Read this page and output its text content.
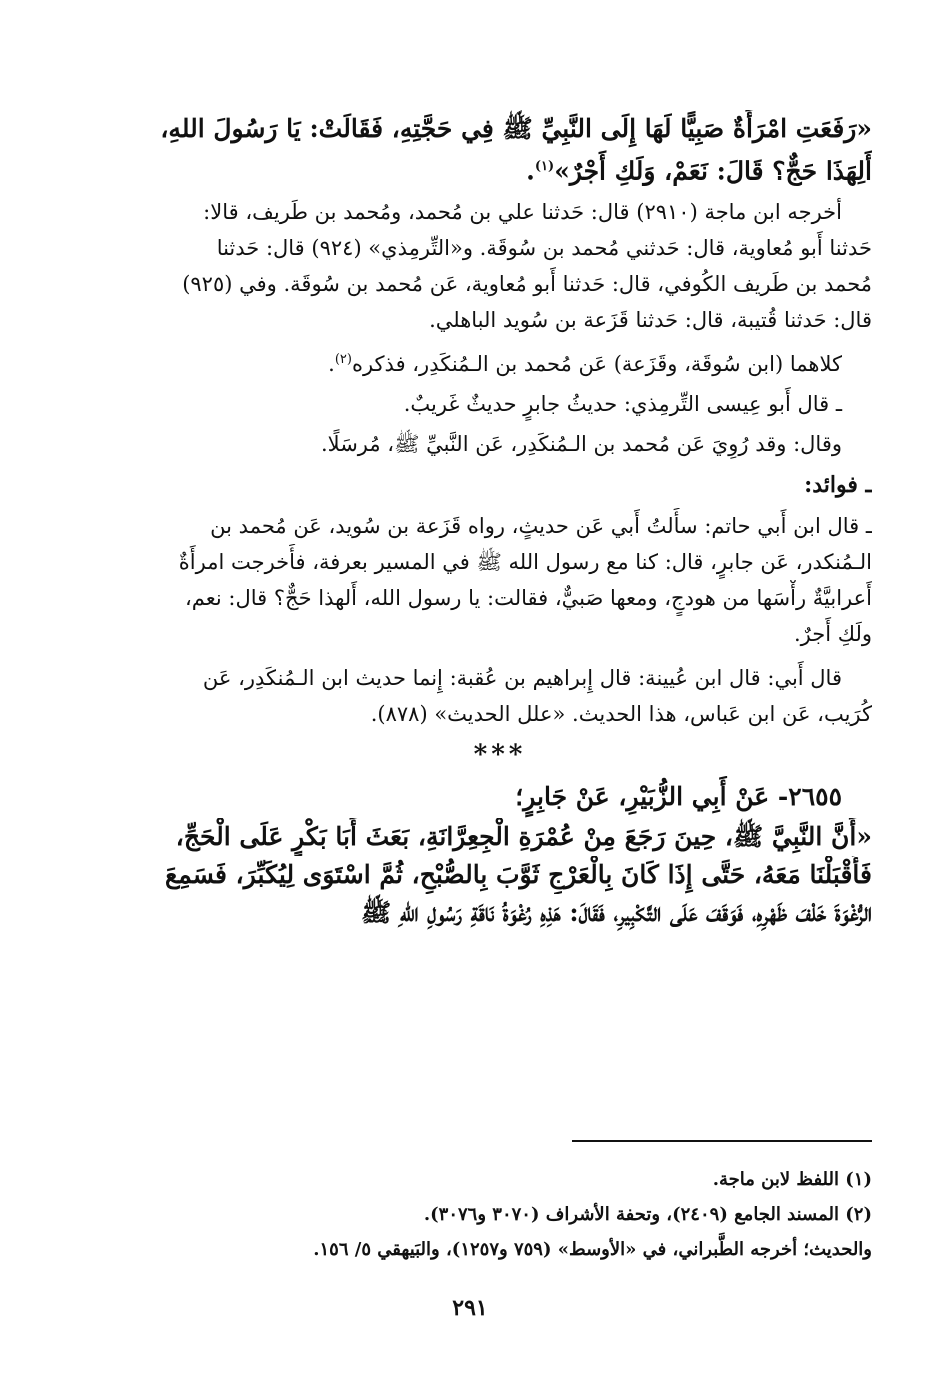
«رَفَعَتِ امْرَأَةٌ صَبِيًّا لَهَا إِلَى النَّبِيِّ ﷺ فِي حَجَّتِهِ، فَقَالَتْ: يَا رَسُولَ اللهِ،
أَلِهَذَا حَجٌّ؟ قَالَ: نَعَمْ، وَلَكِ أَجْرٌ»$^{(١)}$.
أخرجه ابن ماجة (٢٩١٠) قال: حَدثنا علي بن مُحمد، ومُحمد بن طَريف، قالا:
حَدثنا أَبو مُعاوية، قال: حَدثني مُحمد بن سُوقَة. و«التِّرمِذي» (٩٢٤) قال: حَدثنا
مُحمد بن طَريف الكُوفي، قال: حَدثنا أَبو مُعاوية، عَن مُحمد بن سُوقَة. وفي (٩٢٥)
قال: حَدثنا قُتيبة، قال: حَدثنا قَزَعة بن سُويد الباهلي.
كلاهما (ابن سُوقَة، وقَزَعة) عَن مُحمد بن الـمُنكَدِر، فذكره$^{(٢)}$.
ـ قال أَبو عِيسى التِّرمِذي: حديثُ جابرٍ حديثٌ غَريبٌ.
وقال: وقد رُوِيَ عَن مُحمد بن الـمُنكَدِر، عَن النَّبيِّ ﷺ، مُرسَلًا.
ـ فوائد:
ـ قال ابن أَبي حاتم: سأَلتُ أَبي عَن حديثٍ، رواه قَزَعة بن سُويد، عَن مُحمد بن
الـمُنكدر، عَن جابرٍ، قال: كنا مع رسول الله ﷺ في المسير بعرفة، فأَخرجت امرأَةٌ
أَعرابيَّةٌ رأْسَها من هودجٍ، ومعها صَبيٌّ، فقالت: يا رسول الله، أَلهذا حَجٌّ؟ قال: نعم،
ولَكِ أَجرٌ.
قال أَبي: قال ابن عُيينة: قال إِبراهيم بن عُقبة: إِنما حديث ابن الـمُنكَدِر، عَن
كُرَيب، عَن ابن عَباس، هذا الحديث. «علل الحديث» (٨٧٨).
***
٢٦٥٥- عَنْ أَبِي الزُّبَيْرِ، عَنْ جَابِرٍ؛
«أَنَّ النَّبِيَّ ﷺ، حِينَ رَجَعَ مِنْ عُمْرَةِ الْجِعِرَّانَةِ، بَعَثَ أَبَا بَكْرٍ عَلَى الْحَجِّ،
فَأَقْبَلْنَا مَعَهُ، حَتَّى إِذَا كَانَ بِالْعَرْجِ ثَوَّبَ بِالصُّبْحِ، ثُمَّ اسْتَوَى لِيُكَبِّرَ، فَسَمِعَ
الرُّغْوَةَ خَلْفَ ظَهْرِهِ، فَوَقَفَ عَلَى التَّكْبِيرِ، فَقَالَ: هَذِهِ رُغْوَةُ نَاقَةِ رَسُولِ اللهِ ﷺ
(١) اللفظ لابن ماجة.
(٢) المسند الجامع (٢٤٠٩)، وتحفة الأشراف (٣٠٧٠ و٣٠٧٦).
والحديث؛ أخرجه الطَّبراني، في «الأوسط» (٧٥٩ و١٢٥٧)، والبَيهقي ٥/ ١٥٦.
٢٩١
